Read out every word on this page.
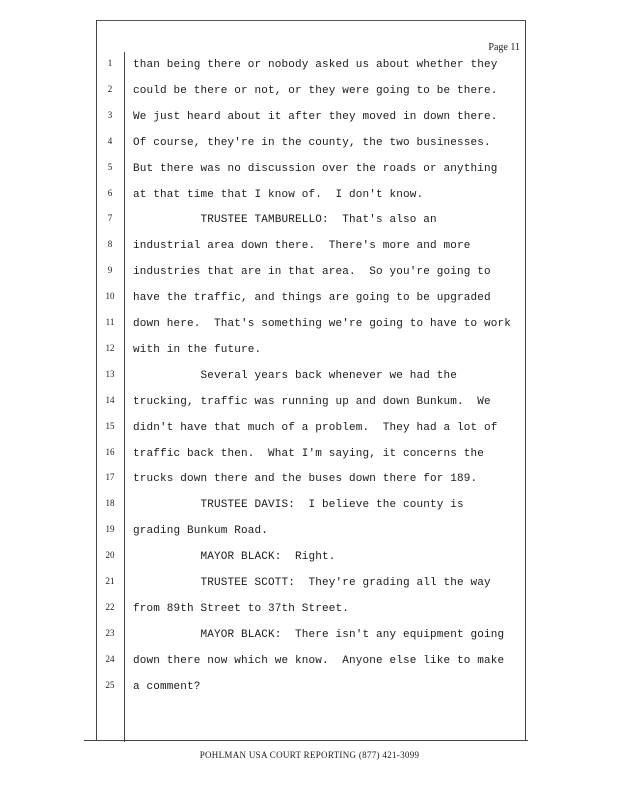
Page 11
1	than being there or nobody asked us about whether they
2	could be there or not, or they were going to be there.
3	We just heard about it after they moved in down there.
4	Of course, they're in the county, the two businesses.
5	But there was no discussion over the roads or anything
6	at that time that I know of.  I don't know.
7	TRUSTEE TAMBURELLO:  That's also an
8	industrial area down there.  There's more and more
9	industries that are in that area.  So you're going to
10	have the traffic, and things are going to be upgraded
11	down here.  That's something we're going to have to work
12	with in the future.
13	Several years back whenever we had the
14	trucking, traffic was running up and down Bunkum.  We
15	didn't have that much of a problem.  They had a lot of
16	traffic back then.  What I'm saying, it concerns the
17	trucks down there and the buses down there for 189.
18	TRUSTEE DAVIS:  I believe the county is
19	grading Bunkum Road.
20	MAYOR BLACK:  Right.
21	TRUSTEE SCOTT:  They're grading all the way
22	from 89th Street to 37th Street.
23	MAYOR BLACK:  There isn't any equipment going
24	down there now which we know.  Anyone else like to make
25	a comment?
POHLMAN USA COURT REPORTING (877) 421-3099
